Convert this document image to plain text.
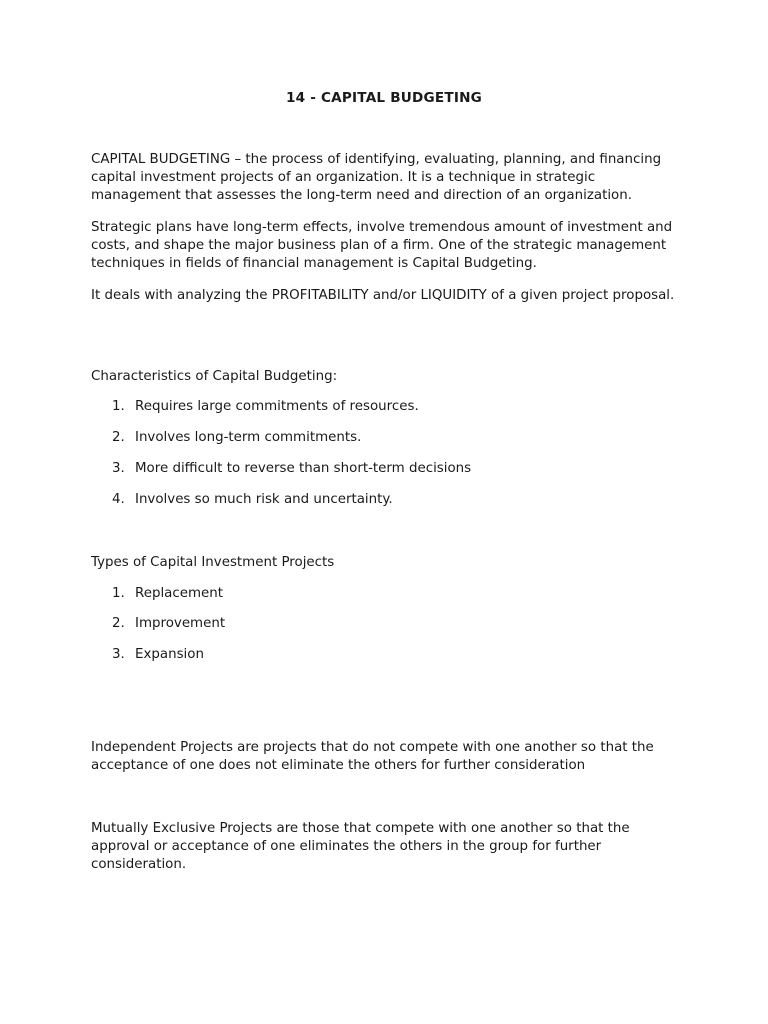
14 - CAPITAL BUDGETING

CAPITAL BUDGETING – the process of identifying, evaluating, planning, and financing capital investment projects of an organization. It is a technique in strategic management that assesses the long-term need and direction of an organization.

Strategic plans have long-term effects, involve tremendous amount of investment and costs, and shape the major business plan of a firm. One of the strategic management techniques in fields of financial management is Capital Budgeting.

It deals with analyzing the PROFITABILITY and/or LIQUIDITY of a given project proposal.

Characteristics of Capital Budgeting:

1. Requires large commitments of resources.
2. Involves long-term commitments.
3. More difficult to reverse than short-term decisions
4. Involves so much risk and uncertainty.

Types of Capital Investment Projects

1. Replacement
2. Improvement
3. Expansion

Independent Projects are projects that do not compete with one another so that the acceptance of one does not eliminate the others for further consideration

Mutually Exclusive Projects are those that compete with one another so that the approval or acceptance of one eliminates the others in the group for further consideration.
